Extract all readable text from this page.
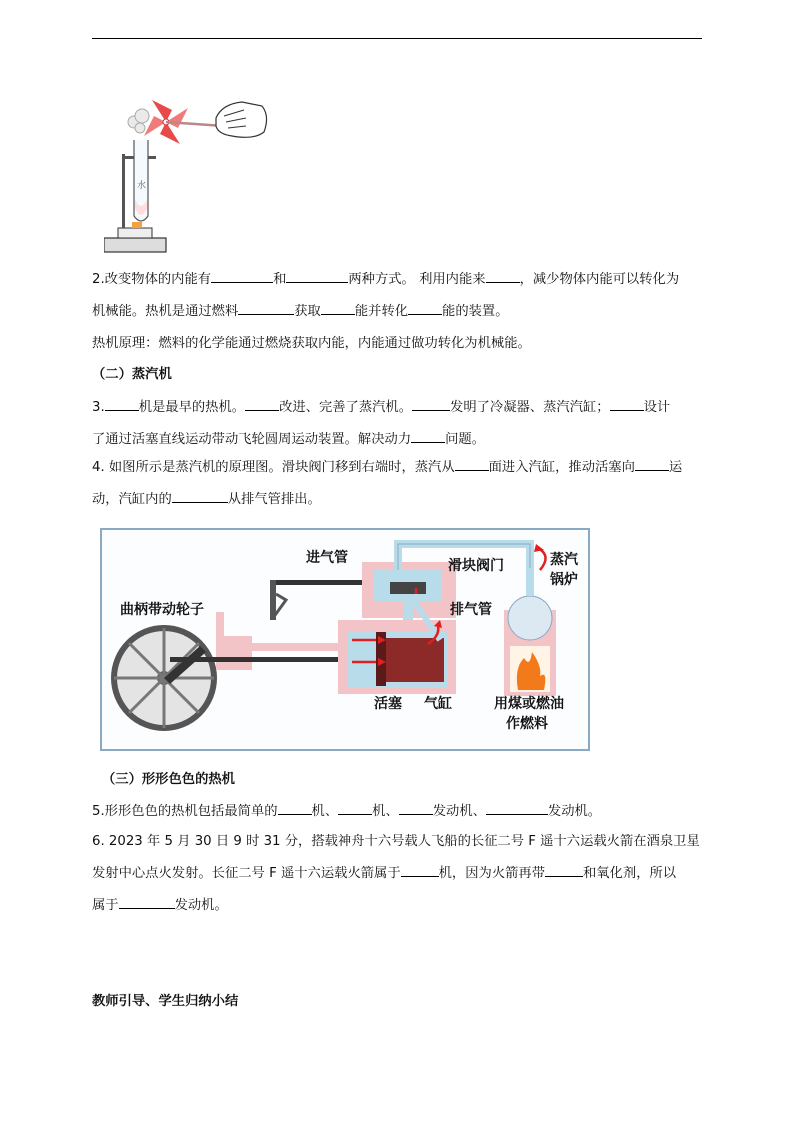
水

2.改变物体的内能有	和	两种方式。 利用内能来	，减少物体内能可以转化为

机械能。热机是通过燃料	获取	能并转化	能的装置。

热机原理：燃料的化学能通过燃烧获取内能，内能通过做功转化为机械能。

（二）蒸汽机

3.	机是最早的热机。	改进、完善了蒸汽机。	发明了冷凝器、蒸汽汽缸；	设计

了通过活塞直线运动带动飞轮圆周运动装置。解决动力	问题。

4. 如图所示是蒸汽机的原理图。滑块阀门移到右端时，蒸汽从	面进入汽缸，推动活塞向	运

动，汽缸内的	从排气管排出。

进气管	滑块阀门	蒸汽
锅炉
曲柄带动轮子	排气管
活塞 气缸	用煤或燃油
作燃料
（三）形形色色的热机

5.形形色色的热机包括最简单的	机、	机、	发动机、	发动机。

6. 2023 年 5 月 30 日 9 时 31 分，搭载神舟十六号载人飞船的长征二号 F 遥十六运载火箭在酒泉卫星

发射中心点火发射。长征二号 F 遥十六运载火箭属于	机，因为火箭再带	和氧化剂，所以

属于	发动机。

教师引导、学生归纳小结
